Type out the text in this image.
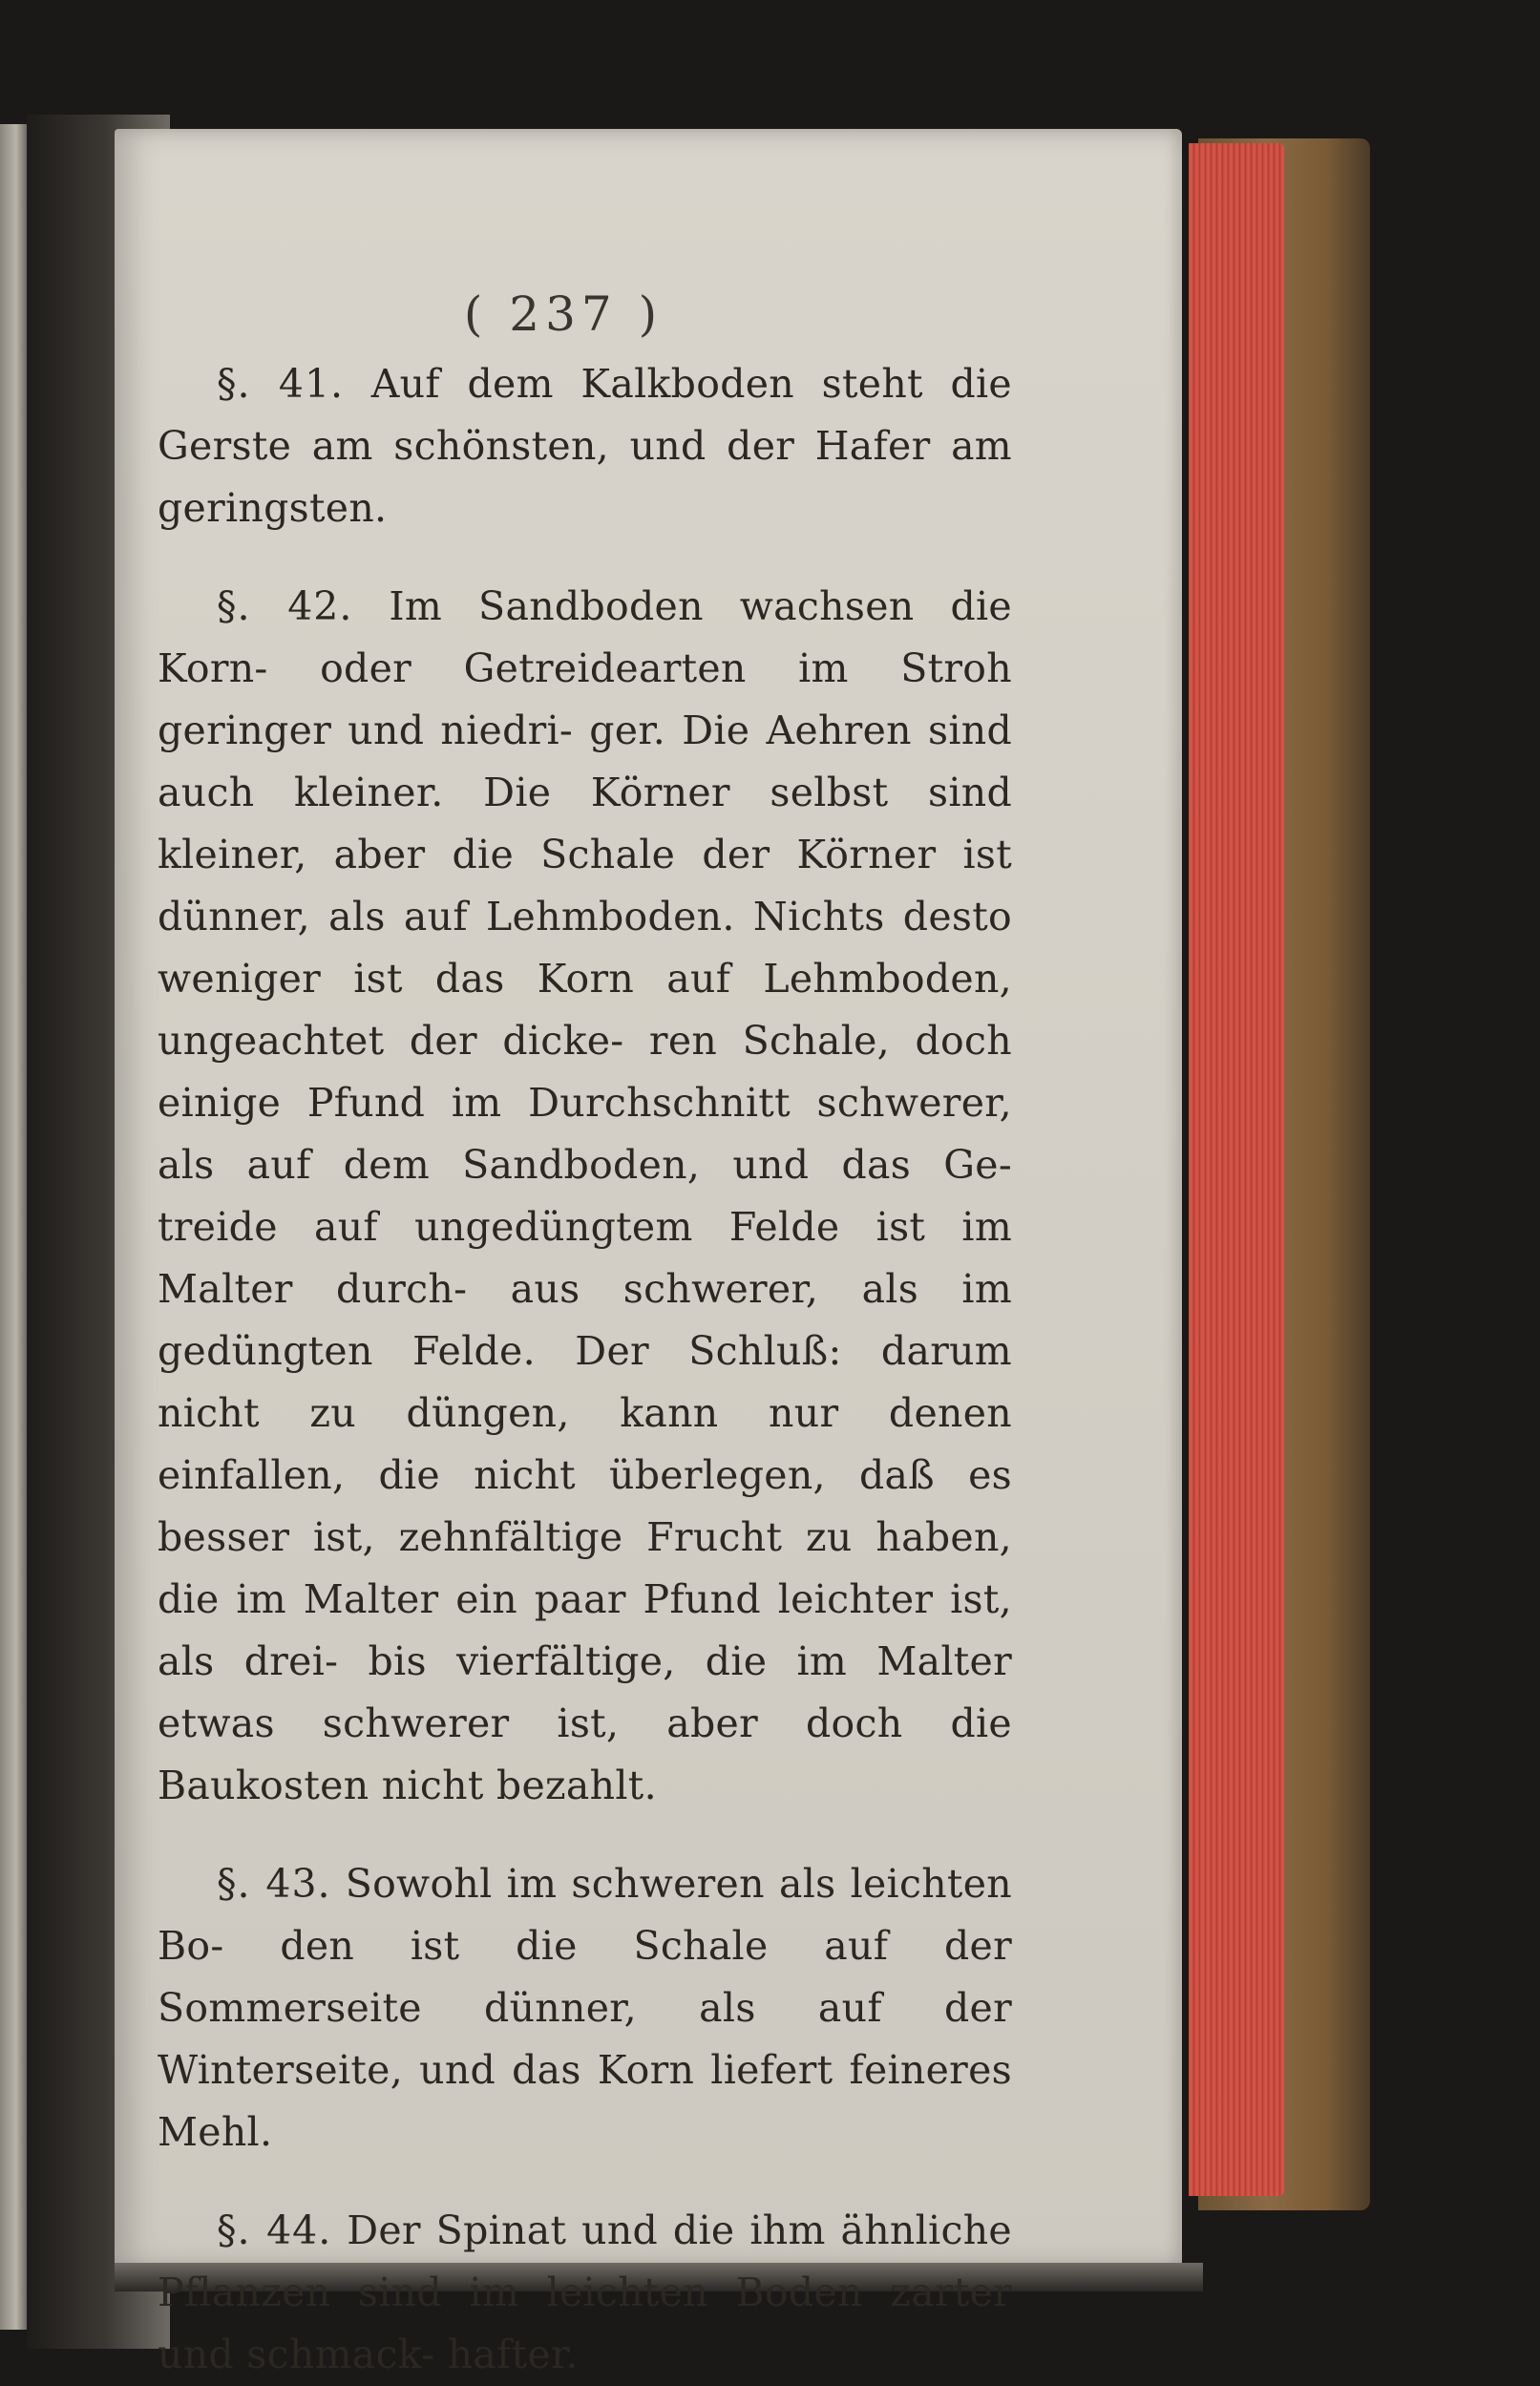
( 237 )

§. 41. Auf dem Kalkboden steht die Gerste am schönsten, und der Hafer am geringsten.

§. 42. Im Sandboden wachsen die Korn- oder Getreidearten im Stroh geringer und niedri- ger. Die Aehren sind auch kleiner. Die Körner selbst sind kleiner, aber die Schale der Körner ist dünner, als auf Lehmboden. Nichts desto weniger ist das Korn auf Lehmboden, ungeachtet der dicke- ren Schale, doch einige Pfund im Durchschnitt schwerer, als auf dem Sandboden, und das Ge- treide auf ungedüngtem Felde ist im Malter durch- aus schwerer, als im gedüngten Felde. Der Schluß: darum nicht zu düngen, kann nur denen einfallen, die nicht überlegen, daß es besser ist, zehnfältige Frucht zu haben, die im Malter ein paar Pfund leichter ist, als drei- bis vierfältige, die im Malter etwas schwerer ist, aber doch die Baukosten nicht bezahlt.

§. 43. Sowohl im schweren als leichten Bo- den ist die Schale auf der Sommerseite dünner, als auf der Winterseite, und das Korn liefert feineres Mehl.

§. 44. Der Spinat und die ihm ähnliche Pflanzen sind im leichten Boden zarter und schmack- hafter.
